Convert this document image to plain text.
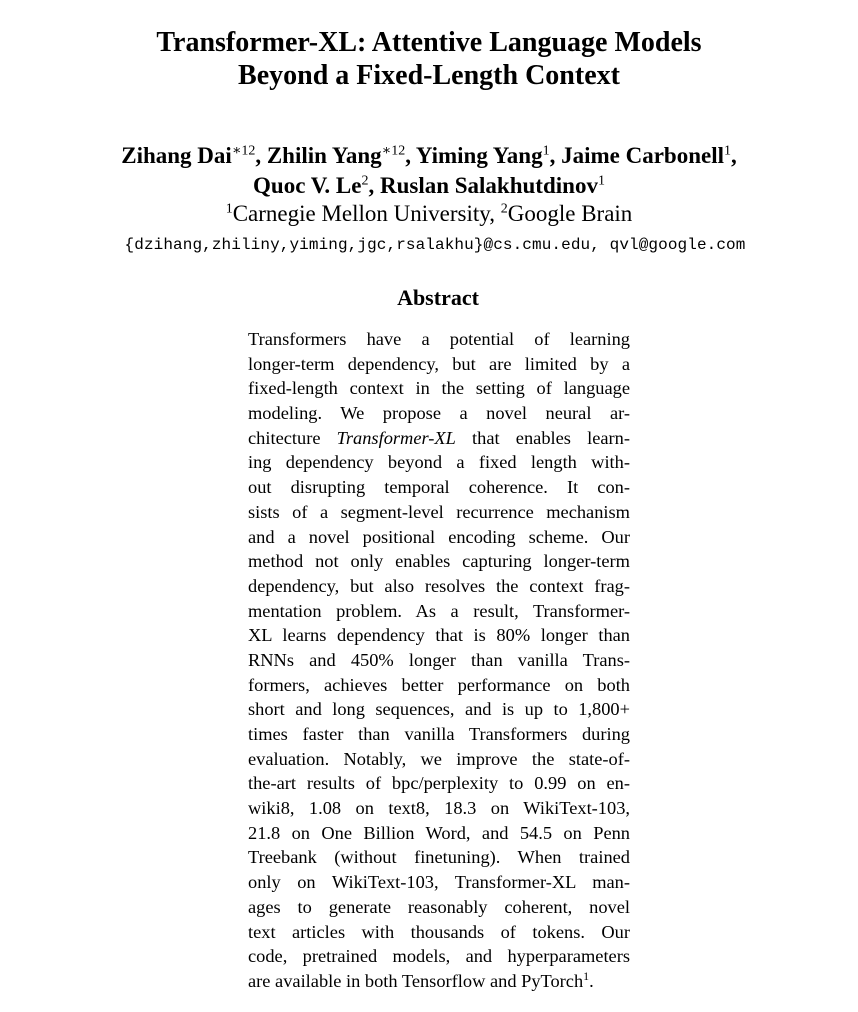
Transformer-XL: Attentive Language Models
Beyond a Fixed-Length Context
Zihang Dai$^{∗12}$, Zhilin Yang$^{∗12}$, Yiming Yang$^1$, Jaime Carbonell$^1$,
Quoc V. Le$^2$, Ruslan Salakhutdinov$^1$
$^1$Carnegie Mellon University, $^2$Google Brain
{dzihang,zhiliny,yiming,jgc,rsalakhu}@cs.cmu.edu, qvl@google.com
Abstract
Transformers have a potential of learning
longer-term dependency, but are limited by a
fixed-length context in the setting of language
modeling. We propose a novel neural ar-
chitecture Transformer-XL that enables learn-
ing dependency beyond a fixed length with-
out disrupting temporal coherence. It con-
sists of a segment-level recurrence mechanism
and a novel positional encoding scheme. Our
method not only enables capturing longer-term
dependency, but also resolves the context frag-
mentation problem. As a result, Transformer-
XL learns dependency that is 80% longer than
RNNs and 450% longer than vanilla Trans-
formers, achieves better performance on both
short and long sequences, and is up to 1,800+
times faster than vanilla Transformers during
evaluation. Notably, we improve the state-of-
the-art results of bpc/perplexity to 0.99 on en-
wiki8, 1.08 on text8, 18.3 on WikiText-103,
21.8 on One Billion Word, and 54.5 on Penn
Treebank (without finetuning). When trained
only on WikiText-103, Transformer-XL man-
ages to generate reasonably coherent, novel
text articles with thousands of tokens. Our
code, pretrained models, and hyperparameters
are available in both Tensorflow and PyTorch$^1$.
